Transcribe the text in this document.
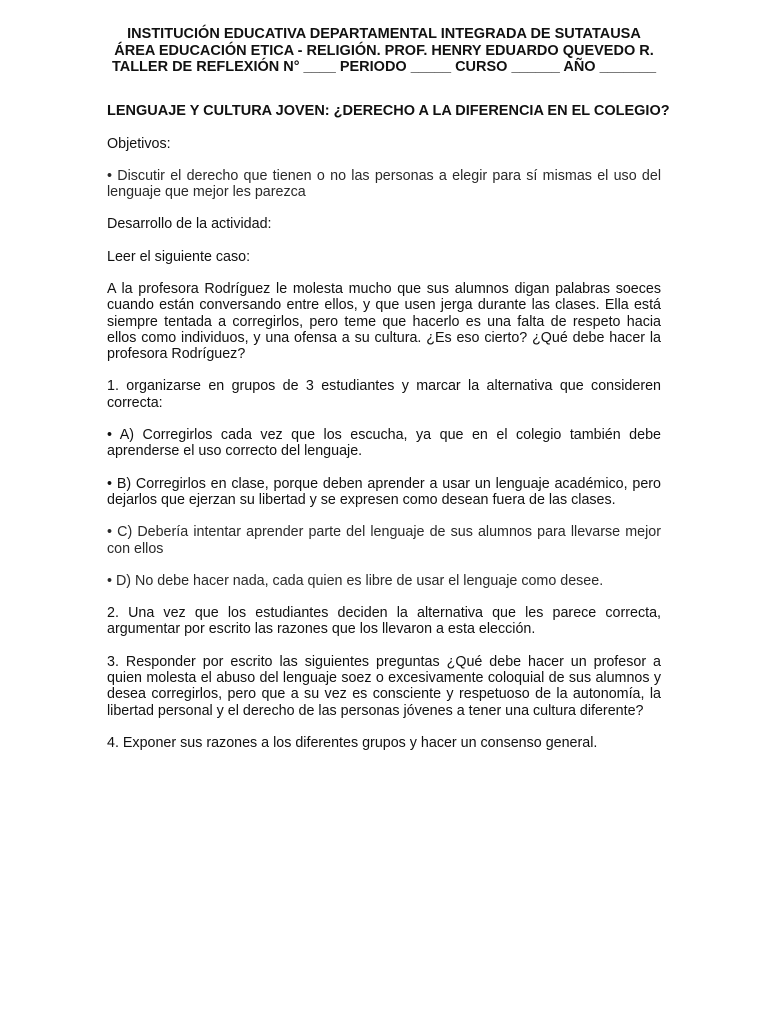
INSTITUCIÓN EDUCATIVA DEPARTAMENTAL INTEGRADA DE SUTATAUSA
ÁREA EDUCACIÓN ETICA - RELIGIÓN. PROF. HENRY EDUARDO QUEVEDO R.
TALLER DE REFLEXIÓN N° ____ PERIODO _____ CURSO ______ AÑO _______
LENGUAJE Y CULTURA JOVEN: ¿DERECHO A LA DIFERENCIA EN EL COLEGIO?

Objetivos:

• Discutir el derecho que tienen o no las personas a elegir para sí mismas el uso del lenguaje que mejor les parezca

Desarrollo de la actividad:

Leer el siguiente caso:

A la profesora Rodríguez le molesta mucho que sus alumnos digan palabras soeces cuando están conversando entre ellos, y que usen jerga durante las clases. Ella está siempre tentada a corregirlos, pero teme que hacerlo es una falta de respeto hacia ellos como individuos, y una ofensa a su cultura. ¿Es eso cierto? ¿Qué debe hacer la profesora Rodríguez?

1. organizarse en grupos de 3 estudiantes y marcar la alternativa que consideren correcta:

• A) Corregirlos cada vez que los escucha, ya que en el colegio también debe aprenderse el uso correcto del lenguaje.

• B) Corregirlos en clase, porque deben aprender a usar un lenguaje académico, pero dejarlos que ejerzan su libertad y se expresen como desean fuera de las clases.

• C) Debería intentar aprender parte del lenguaje de sus alumnos para llevarse mejor con ellos

• D) No debe hacer nada, cada quien es libre de usar el lenguaje como desee.

2. Una vez que los estudiantes deciden la alternativa que les parece correcta, argumentar por escrito las razones que los llevaron a esta elección.

3. Responder por escrito las siguientes preguntas ¿Qué debe hacer un profesor a quien molesta el abuso del lenguaje soez o excesivamente coloquial de sus alumnos y desea corregirlos, pero que a su vez es consciente y respetuoso de la autonomía, la libertad personal y el derecho de las personas jóvenes a tener una cultura diferente?

4. Exponer sus razones a los diferentes grupos y hacer un consenso general.
